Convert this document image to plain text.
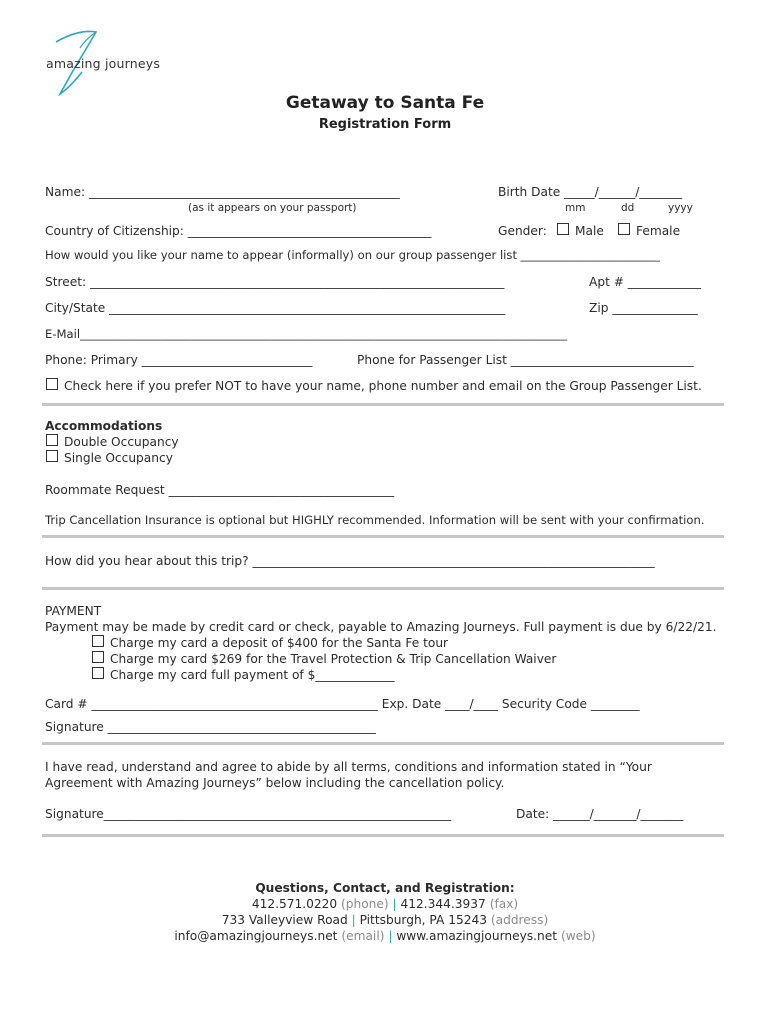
amazing journeys
Getaway to Santa Fe
Registration Form
Name: ___________________________________________________
(as it appears on your passport)
Birth Date _____/______/_______
mm	dd	yyyy
Country of Citizenship: ________________________________________	Gender: Male	Female
How would you like your name to appear (informally) on our group passenger list ________________________
Street: ____________________________________________________________________	Apt # ____________
City/State _________________________________________________________________	Zip ______________
E-Mail____________________________________________________________________________________
Phone: Primary ____________________________	Phone for Passenger List ______________________________
Check here if you prefer NOT to have your name, phone number and email on the Group Passenger List.
Accommodations
Double Occupancy
Single Occupancy
Roommate Request _____________________________________
Trip Cancellation Insurance is optional but HIGHLY recommended. Information will be sent with your confirmation.
How did you hear about this trip? __________________________________________________________________
PAYMENT
Payment may be made by credit card or check, payable to Amazing Journeys. Full payment is due by 6/22/21.
Charge my card a deposit of $400 for the Santa Fe tour
Charge my card $269 for the Travel Protection & Trip Cancellation Waiver
Charge my card full payment of $_____________
Card # _______________________________________________ Exp. Date ____/____ Security Code ________
Signature ____________________________________________
I have read, understand and agree to abide by all terms, conditions and information stated in “Your
Agreement with Amazing Journeys” below including the cancellation policy.
Signature_________________________________________________________	Date: ______/_______/_______
Questions, Contact, and Registration:
412.571.0220 (phone) | 412.344.3937 (fax)
733 Valleyview Road | Pittsburgh, PA 15243 (address)
info@amazingjourneys.net (email) | www.amazingjourneys.net (web)
